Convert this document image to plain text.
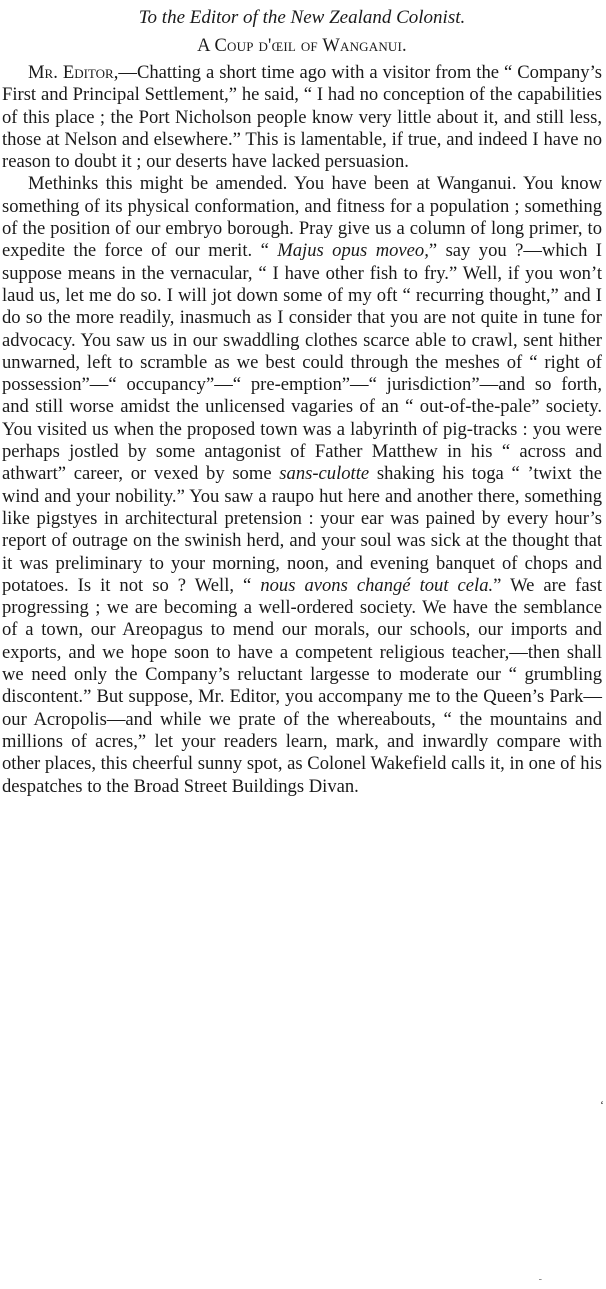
To the Editor of the New Zealand Colonist.
A Coup d'œil of Wanganui.

Mr. Editor,—Chatting a short time ago with a visitor from the “ Company’s First and Principal Settlement,” he said, “ I had no conception of the capabilities of this place ; the Port Nicholson people know very little about it, and still less, those at Nelson and elsewhere.” This is lamentable, if true, and indeed I have no reason to doubt it ; our deserts have lacked persuasion.

Methinks this might be amended. You have been at Wanganui. You know something of its physical conformation, and fitness for a population ; something of the position of our embryo borough. Pray give us a column of long primer, to expedite the force of our merit. “ Majus opus moveo,” say you ?—which I suppose means in the vernacular, “ I have other fish to fry.” Well, if you won’t laud us, let me do so. I will jot down some of my oft “ recurring thought,” and I do so the more readily, inasmuch as I consider that you are not quite in tune for advocacy. You saw us in our swaddling clothes scarce able to crawl, sent hither unwarned, left to scramble as we best could through the meshes of “ right of possession”—“ occupancy”—“ pre-emption”—“ jurisdiction”—and so forth, and still worse amidst the unlicensed vagaries of an “ out-of-the-pale” society. You visited us when the proposed town was a labyrinth of pig-tracks : you were perhaps jostled by some antagonist of Father Matthew in his “ across and athwart” career, or vexed by some sans-culotte shaking his toga “ ’twixt the wind and your nobility.” You saw a raupo hut here and another there, something like pigstyes in architectural pretension : your ear was pained by every hour’s report of outrage on the swinish herd, and your soul was sick at the thought that it was preliminary to your morning, noon, and evening banquet of chops and potatoes. Is it not so ? Well, “ nous avons changé tout cela.” We are fast progressing ; we are becoming a well-ordered society. We have the semblance of a town, our Areopagus to mend our morals, our schools, our imports and exports, and we hope soon to have a competent religious teacher,—then shall we need only the Company’s reluctant largesse to moderate our “ grumbling discontent.” But suppose, Mr. Editor, you accompany me to the Queen’s Park—our Acropolis—and while we prate of the whereabouts, “ the mountains and millions of acres,” let your readers learn, mark, and inwardly compare with other places, this cheerful sunny spot, as Colonel Wakefield calls it, in one of his despatches to the Broad Street Buildings Divan.

‘
-
